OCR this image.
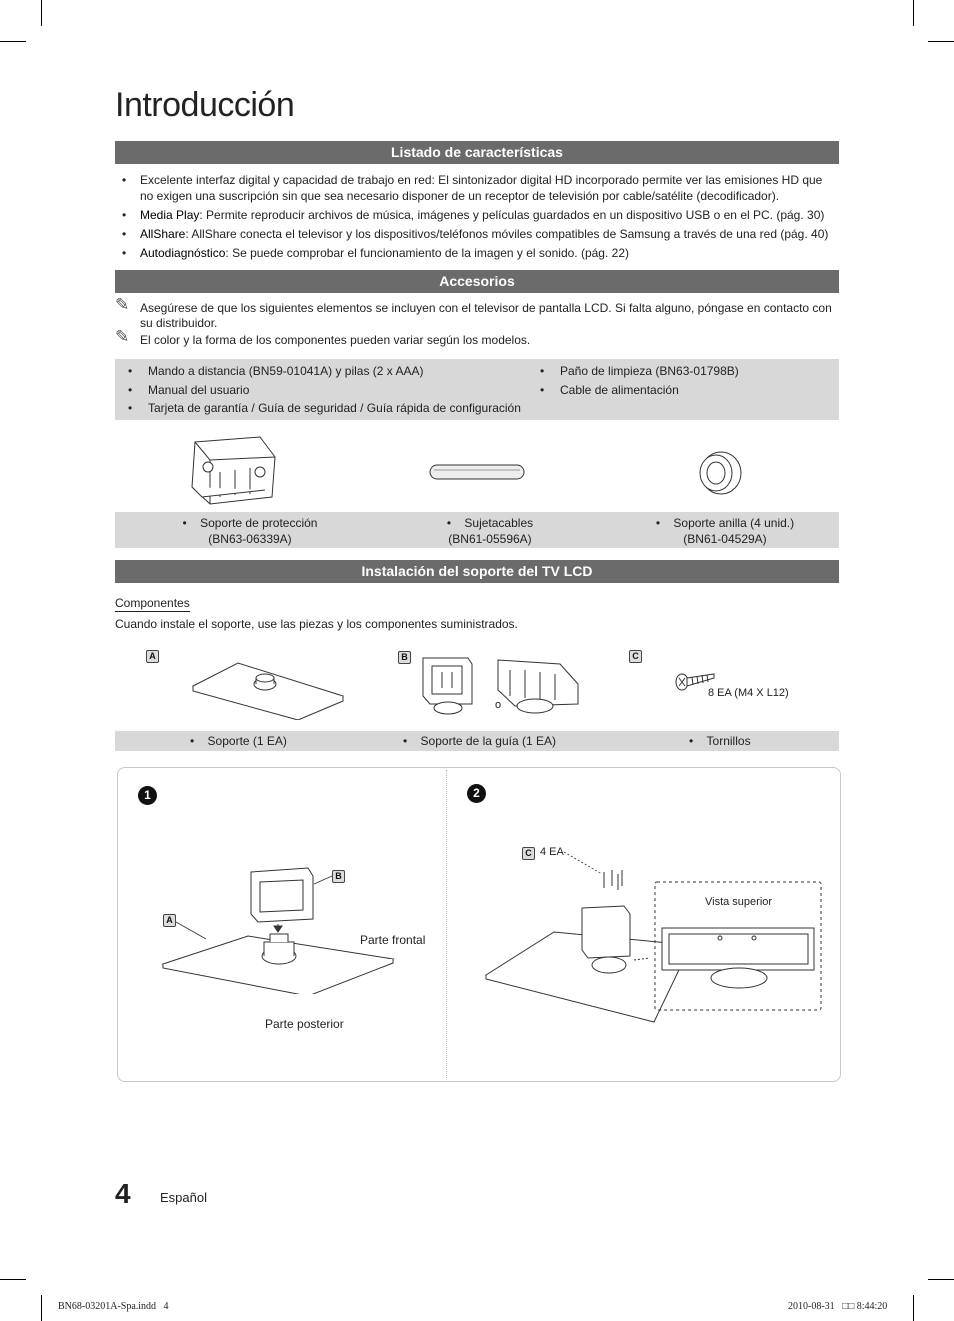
Introducción
Listado de características
• Excelente interfaz digital y capacidad de trabajo en red: El sintonizador digital HD incorporado permite ver las emisiones HD que no exigen una suscripción sin que sea necesario disponer de un receptor de televisión por cable/satélite (decodificador).
• Media Play: Permite reproducir archivos de música, imágenes y películas guardados en un dispositivo USB o en el PC. (pág. 30)
• AllShare: AllShare conecta el televisor y los dispositivos/teléfonos móviles compatibles de Samsung a través de una red (pág. 40)
• Autodiagnóstico: Se puede comprobar el funcionamiento de la imagen y el sonido. (pág. 22)
Accesorios
✎ Asegúrese de que los siguientes elementos se incluyen con el televisor de pantalla LCD. Si falta alguno, póngase en contacto con su distribuidor.
✎ El color y la forma de los componentes pueden variar según los modelos.
• Mando a distancia (BN59-01041A) y pilas (2 x AAA)
• Manual del usuario
• Tarjeta de garantía / Guía de seguridad / Guía rápida de configuración
• Paño de limpieza (BN63-01798B)
• Cable de alimentación
•    Soporte de protección
(BN63-06339A)
•    Sujetacables
(BN61-05596A)
•    Soporte anilla (4 unid.)
(BN61-04529A)
Instalación del soporte del TV LCD
Componentes
Cuando instale el soporte, use las piezas y los componentes suministrados.
A	B	C
o
8 EA (M4 X L12)
•    Soporte (1 EA)	•    Soporte de la guía (1 EA)	•    Tornillos
1	2
A
B
Parte frontal
Parte posterior
C 4 EA
Vista superior
4 Español
BN68-03201A-Spa.indd   4	2010-08-31   □□ 8:44:20
